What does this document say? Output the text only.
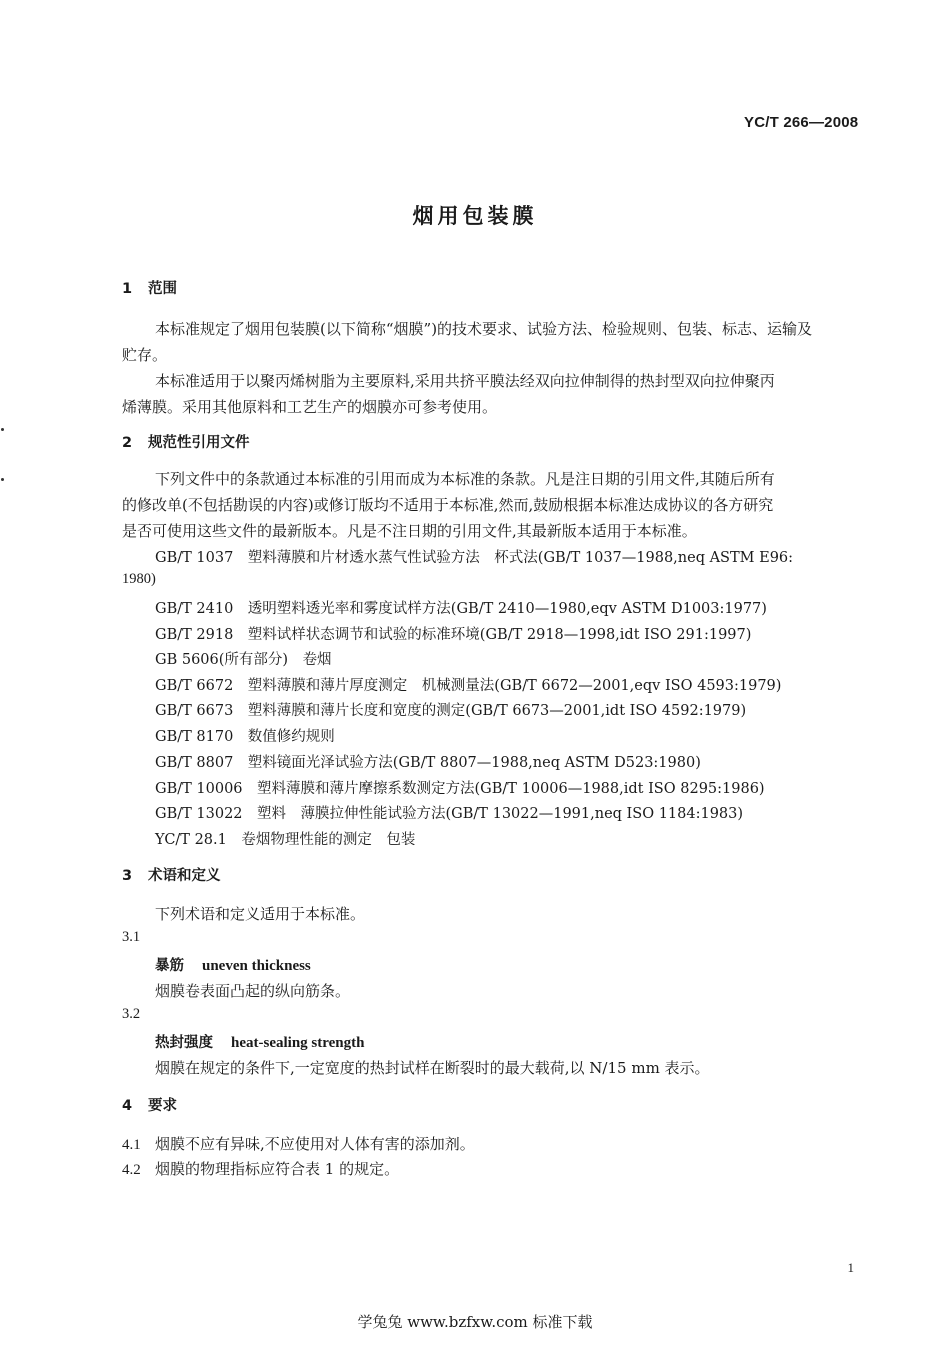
YC/T 266—2008
烟用包装膜
1 范围
本标准规定了烟用包装膜(以下简称“烟膜”)的技术要求、试验方法、检验规则、包装、标志、运输及
贮存。
本标准适用于以聚丙烯树脂为主要原料,采用共挤平膜法经双向拉伸制得的热封型双向拉伸聚丙
烯薄膜。采用其他原料和工艺生产的烟膜亦可参考使用。
2 规范性引用文件
下列文件中的条款通过本标准的引用而成为本标准的条款。凡是注日期的引用文件,其随后所有
的修改单(不包括勘误的内容)或修订版均不适用于本标准,然而,鼓励根据本标准达成协议的各方研究
是否可使用这些文件的最新版本。凡是不注日期的引用文件,其最新版本适用于本标准。
GB/T 1037　塑料薄膜和片材透水蒸气性试验方法　杯式法(GB/T 1037—1988,neq ASTM E96:
1980)
GB/T 2410　透明塑料透光率和雾度试样方法(GB/T 2410—1980,eqv ASTM D1003:1977)
GB/T 2918　塑料试样状态调节和试验的标准环境(GB/T 2918—1998,idt ISO 291:1997)
GB 5606(所有部分)　卷烟
GB/T 6672　塑料薄膜和薄片厚度测定　机械测量法(GB/T 6672—2001,eqv ISO 4593:1979)
GB/T 6673　塑料薄膜和薄片长度和宽度的测定(GB/T 6673—2001,idt ISO 4592:1979)
GB/T 8170　数值修约规则
GB/T 8807　塑料镜面光泽试验方法(GB/T 8807—1988,neq ASTM D523:1980)
GB/T 10006　塑料薄膜和薄片摩擦系数测定方法(GB/T 10006—1988,idt ISO 8295:1986)
GB/T 13022　塑料　薄膜拉伸性能试验方法(GB/T 13022—1991,neq ISO 1184:1983)
YC/T 28.1　卷烟物理性能的测定　包装
3 术语和定义
下列术语和定义适用于本标准。
3.1
暴筋 uneven thickness
烟膜卷表面凸起的纵向筋条。
3.2
热封强度 heat-sealing strength
烟膜在规定的条件下,一定宽度的热封试样在断裂时的最大载荷,以 N/15 mm 表示。
4 要求
4.1 烟膜不应有异味,不应使用对人体有害的添加剂。
4.2 烟膜的物理指标应符合表 1 的规定。
1
学兔兔 www.bzfxw.com 标准下载
